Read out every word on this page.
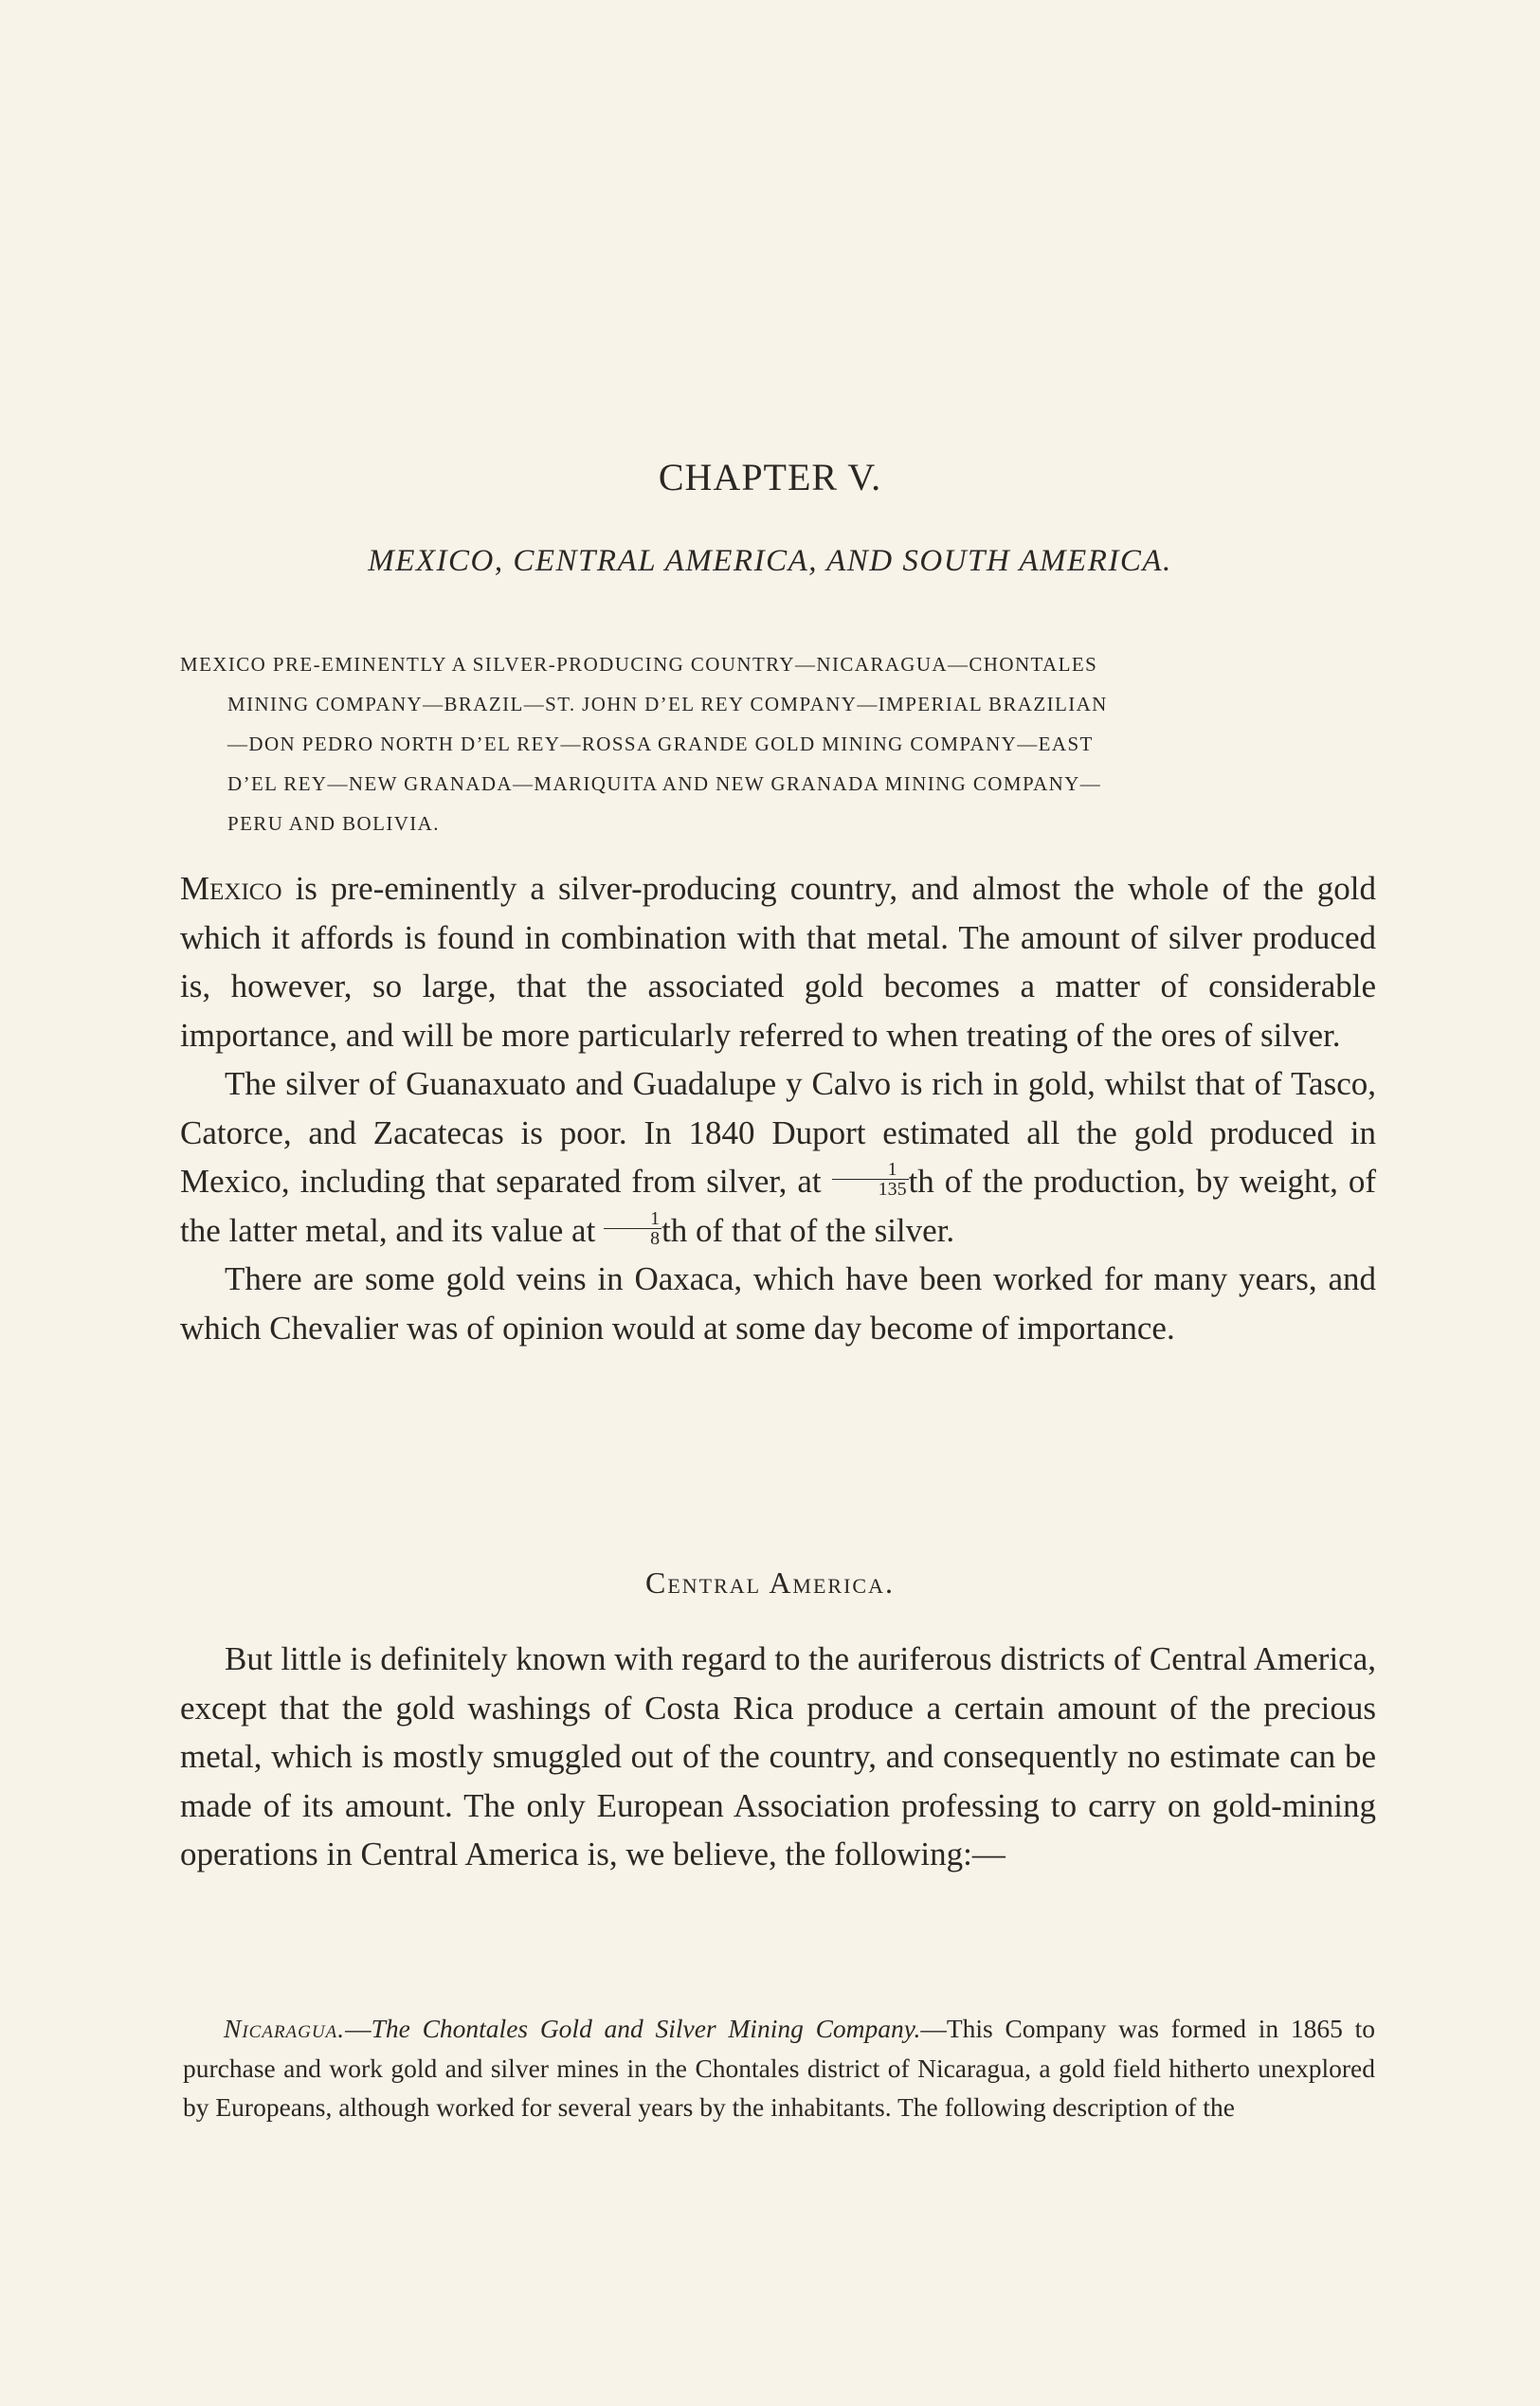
CHAPTER V.
MEXICO, CENTRAL AMERICA, AND SOUTH AMERICA.
MEXICO PRE-EMINENTLY A SILVER-PRODUCING COUNTRY—NICARAGUA—CHONTALES
MINING COMPANY—BRAZIL—ST. JOHN D’EL REY COMPANY—IMPERIAL BRAZILIAN
—DON PEDRO NORTH D’EL REY—ROSSA GRANDE GOLD MINING COMPANY—EAST
D’EL REY—NEW GRANADA—MARIQUITA AND NEW GRANADA MINING COMPANY—
PERU AND BOLIVIA.

Mexico is pre-eminently a silver-producing country, and almost the whole of the gold which it affords is found in combination with that metal. The amount of silver produced is, however, so large, that the associated gold becomes a matter of considerable importance, and will be more particularly referred to when treating of the ores of silver.

The silver of Guanaxuato and Guadalupe y Calvo is rich in gold, whilst that of Tasco, Catorce, and Zacatecas is poor. In 1840 Duport estimated all the gold produced in Mexico, including that separated from silver, at $\frac{1}{135}$ th of the production, by weight, of the latter metal, and its value at $\frac{1}{8}$ th of that of the silver.

There are some gold veins in Oaxaca, which have been worked for many years, and which Chevalier was of opinion would at some day become of importance.

Central America.

But little is definitely known with regard to the auriferous districts of Central America, except that the gold washings of Costa Rica produce a certain amount of the precious metal, which is mostly smuggled out of the country, and consequently no estimate can be made of its amount. The only European Association professing to carry on gold-mining operations in Central America is, we believe, the following:—

Nicaragua.—The Chontales Gold and Silver Mining Company.—This Company was formed in 1865 to purchase and work gold and silver mines in the Chontales district of Nicaragua, a gold field hitherto unexplored by Europeans, although worked for several years by the inhabitants. The following description of the
